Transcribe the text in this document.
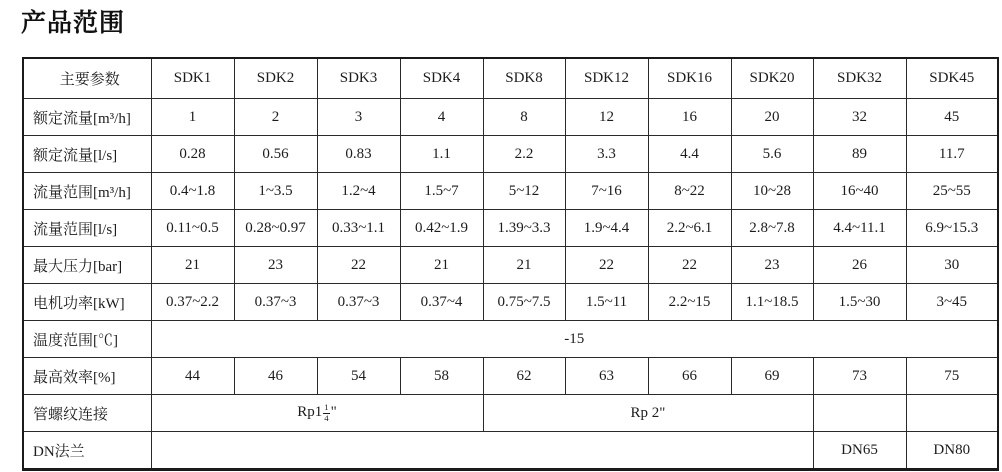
产品范围
主要参数	SDK1	SDK2	SDK3	SDK4	SDK8	SDK12	SDK16	SDK20	SDK32	SDK45
额定流量[m³/h]	1	2	3	4	8	12	16	20	32	45
额定流量[l/s]	0.28	0.56	0.83	1.1	2.2	3.3	4.4	5.6	89	11.7
流量范围[m³/h]	0.4~1.8	1~3.5	1.2~4	1.5~7	5~12	7~16	8~22	10~28	16~40	25~55
流量范围[l/s]	0.11~0.5	0.28~0.97	0.33~1.1	0.42~1.9	1.39~3.3	1.9~4.4	2.2~6.1	2.8~7.8	4.4~11.1	6.9~15.3
最大压力[bar]	21	23	22	21	21	22	22	23	26	30
电机功率[kW]	0.37~2.2	0.37~3	0.37~3	0.37~4	0.75~7.5	1.5~11	2.2~15	1.1~18.5	1.5~30	3~45
温度范围[℃]	-15									
最高效率[%]	44	46	54	58	62	63	66	69	73	75
管螺纹连接	$Rp1 \frac{1}{4}$ "				Rp 2"					
DN法兰									DN65	DN80
